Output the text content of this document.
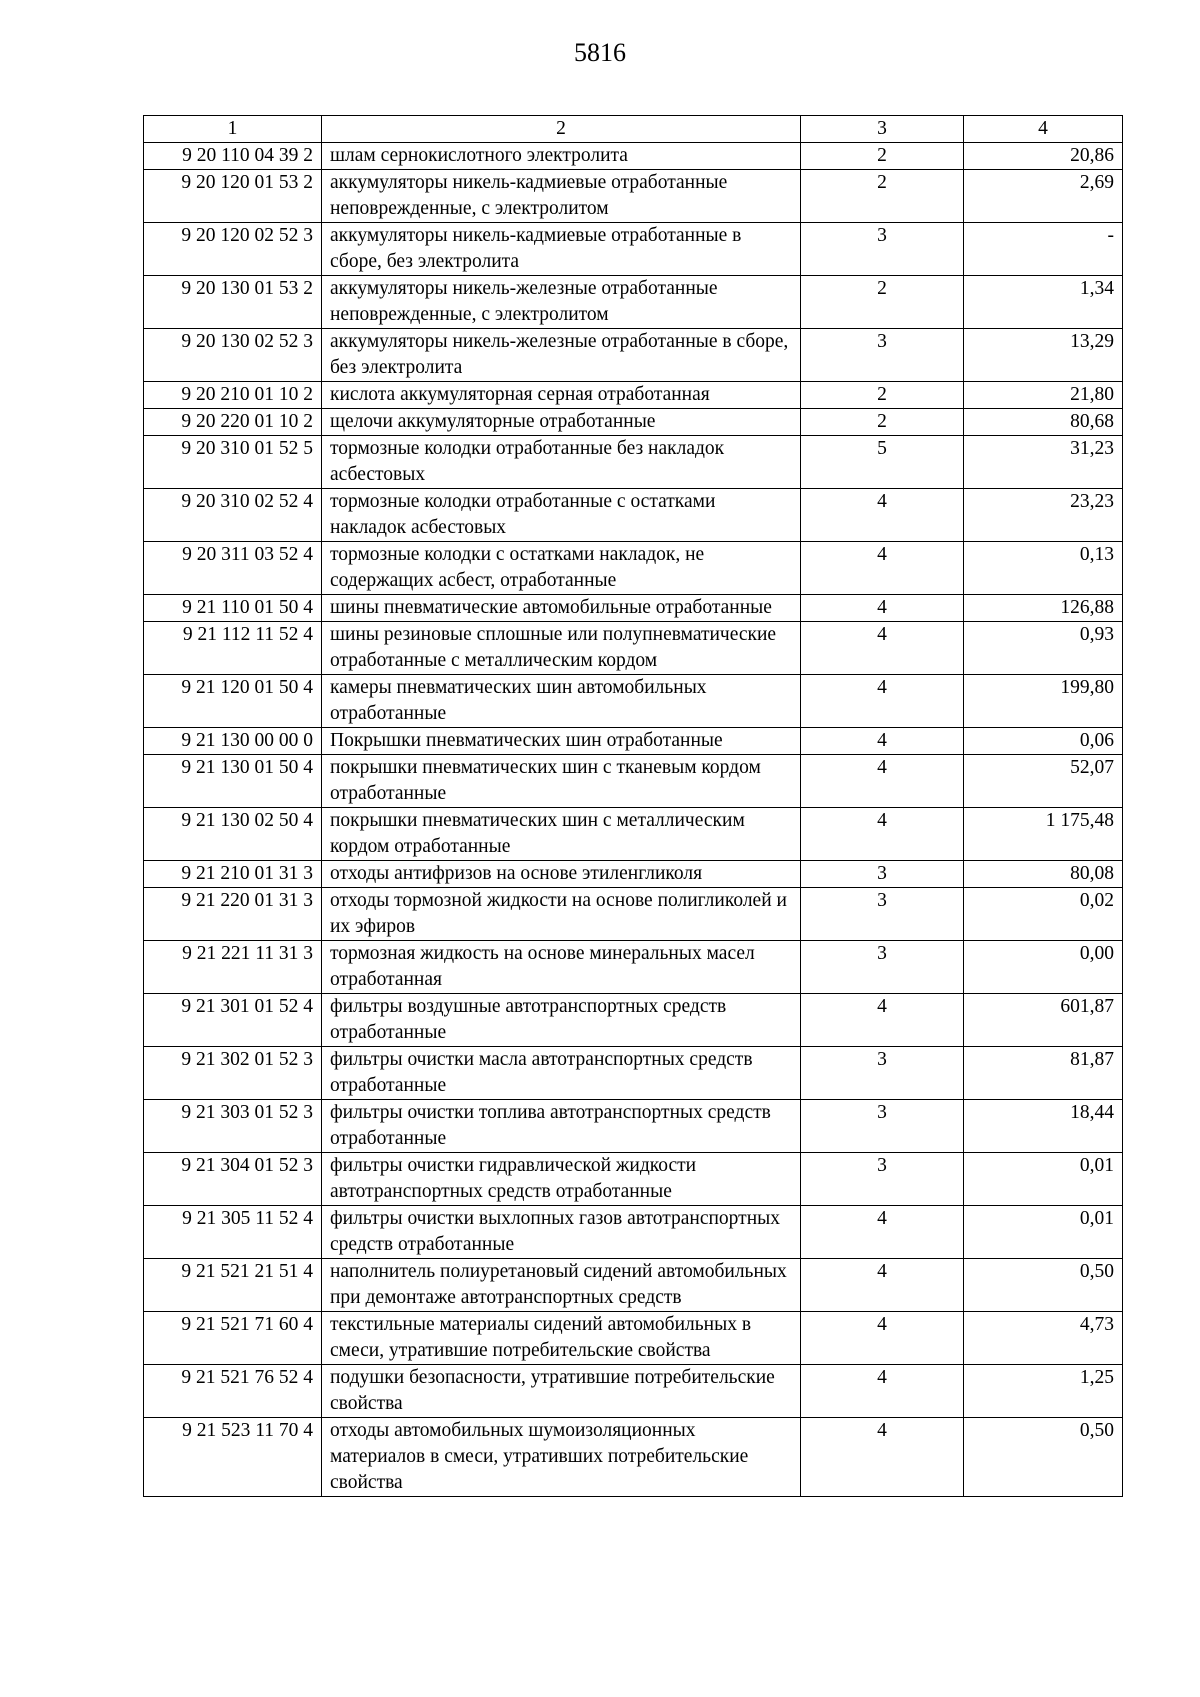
5816
1	2	3	4
9 20 110 04 39 2	шлам сернокислотного электролита	2	20,86
9 20 120 01 53 2	аккумуляторы никель-кадмиевые отработанные неповрежденные, с электролитом	2	2,69
9 20 120 02 52 3	аккумуляторы никель-кадмиевые отработанные в сборе, без электролита	3	-
9 20 130 01 53 2	аккумуляторы никель-железные отработанные неповрежденные, с электролитом	2	1,34
9 20 130 02 52 3	аккумуляторы никель-железные отработанные в сборе, без электролита	3	13,29
9 20 210 01 10 2	кислота аккумуляторная серная отработанная	2	21,80
9 20 220 01 10 2	щелочи аккумуляторные отработанные	2	80,68
9 20 310 01 52 5	тормозные колодки отработанные без накладок асбестовых	5	31,23
9 20 310 02 52 4	тормозные колодки отработанные с остатками накладок асбестовых	4	23,23
9 20 311 03 52 4	тормозные колодки с остатками накладок, не содержащих асбест, отработанные	4	0,13
9 21 110 01 50 4	шины пневматические автомобильные отработанные	4	126,88
9 21 112 11 52 4	шины резиновые сплошные или полупневматические отработанные с металлическим кордом	4	0,93
9 21 120 01 50 4	камеры пневматических шин автомобильных отработанные	4	199,80
9 21 130 00 00 0	Покрышки пневматических шин отработанные	4	0,06
9 21 130 01 50 4	покрышки пневматических шин с тканевым кордом отработанные	4	52,07
9 21 130 02 50 4	покрышки пневматических шин с металлическим кордом отработанные	4	1 175,48
9 21 210 01 31 3	отходы антифризов на основе этиленгликоля	3	80,08
9 21 220 01 31 3	отходы тормозной жидкости на основе полигликолей и их эфиров	3	0,02
9 21 221 11 31 3	тормозная жидкость на основе минеральных масел отработанная	3	0,00
9 21 301 01 52 4	фильтры воздушные автотранспортных средств отработанные	4	601,87
9 21 302 01 52 3	фильтры очистки масла автотранспортных средств отработанные	3	81,87
9 21 303 01 52 3	фильтры очистки топлива автотранспортных средств отработанные	3	18,44
9 21 304 01 52 3	фильтры очистки гидравлической жидкости автотранспортных средств отработанные	3	0,01
9 21 305 11 52 4	фильтры очистки выхлопных газов автотранспортных средств отработанные	4	0,01
9 21 521 21 51 4	наполнитель полиуретановый сидений автомобильных при демонтаже автотранспортных средств	4	0,50
9 21 521 71 60 4	текстильные материалы сидений автомобильных в смеси, утратившие потребительские свойства	4	4,73
9 21 521 76 52 4	подушки безопасности, утратившие потребительские свойства	4	1,25
9 21 523 11 70 4	отходы автомобильных шумоизоляционных материалов в смеси, утративших потребительские свойства	4	0,50
